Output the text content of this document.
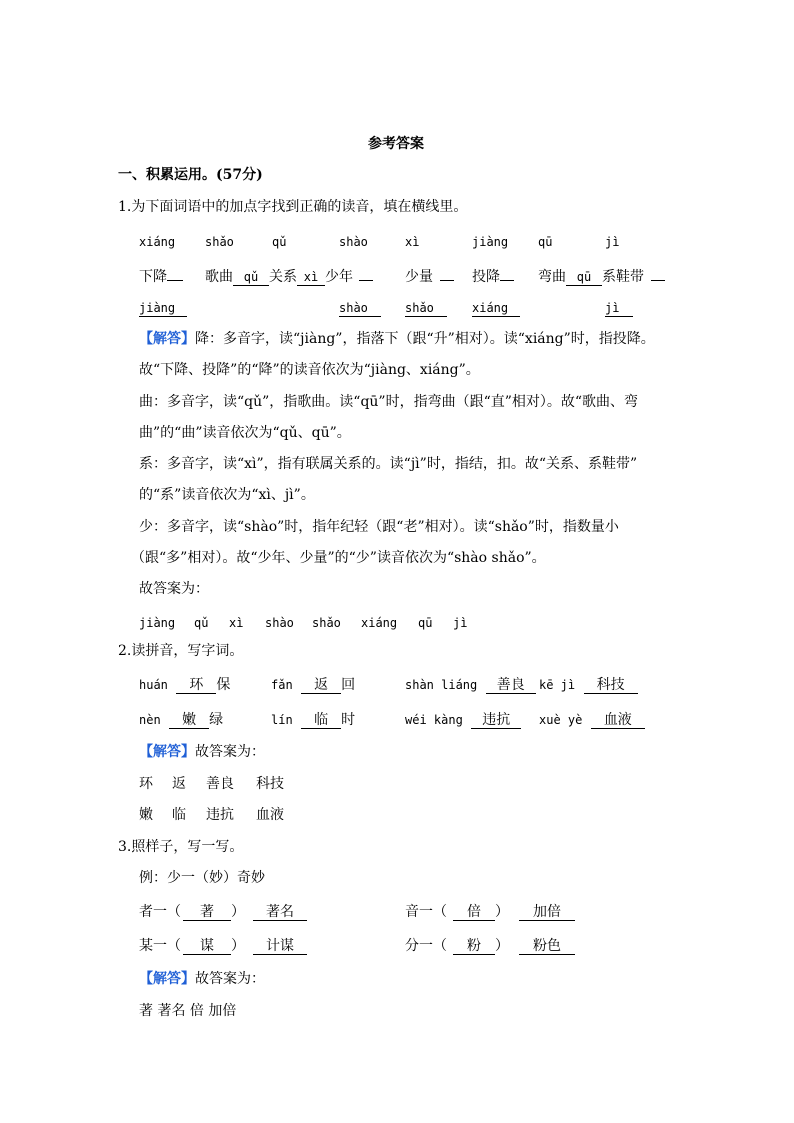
参考答案
一、积累运用。(57分)
1.为下面词语中的加点字找到正确的读音，填在横线里。
xiáng shǎo	qǔ	shào	xì	jiàng qū	jì
下降	歌曲 qǔ 关系 xì 少年	少量	投降	弯曲 qū 系鞋带
jiàng	shào	shǎo	xiáng	jì
【解答】降：多音字，读“jiàng”，指落下（跟“升”相对）。读“xiáng”时，指投降。
故“下降、投降”的“降”的读音依次为“jiàng、xiáng”。
曲：多音字，读“qǔ”，指歌曲。读“qū”时，指弯曲（跟“直”相对）。故“歌曲、弯
曲”的“曲”读音依次为“qǔ、qū”。
系：多音字，读“xì”，指有联属关系的。读“jì”时，指结，扣。故“关系、系鞋带”
的“系”读音依次为“xì、jì”。
少：多音字，读“shào”时，指年纪轻（跟“老”相对）。读“shǎo”时，指数量小
（跟“多”相对）。故“少年、少量”的“少”读音依次为“shào shǎo”。
故答案为：
jiàng qǔ xì shào shǎo xiáng qū jì
2.读拼音，写字词。
huán 环 保	fǎn 返 回	shàn liáng 善良	kē jì 科技
nèn 嫩 绿	lín 临 时	wéi kàng 违抗	xuè yè 血液
【解答】故答案为：
环 返 善良 科技
嫩 临 违抗 血液
3.照样子，写一写。
例：少一（妙）奇妙
者一（ 著 ） 著名	音一（ 倍 ） 加倍
某一（ 谋 ） 计谋	分一（ 粉 ） 粉色
【解答】故答案为：
著 著名 倍 加倍
